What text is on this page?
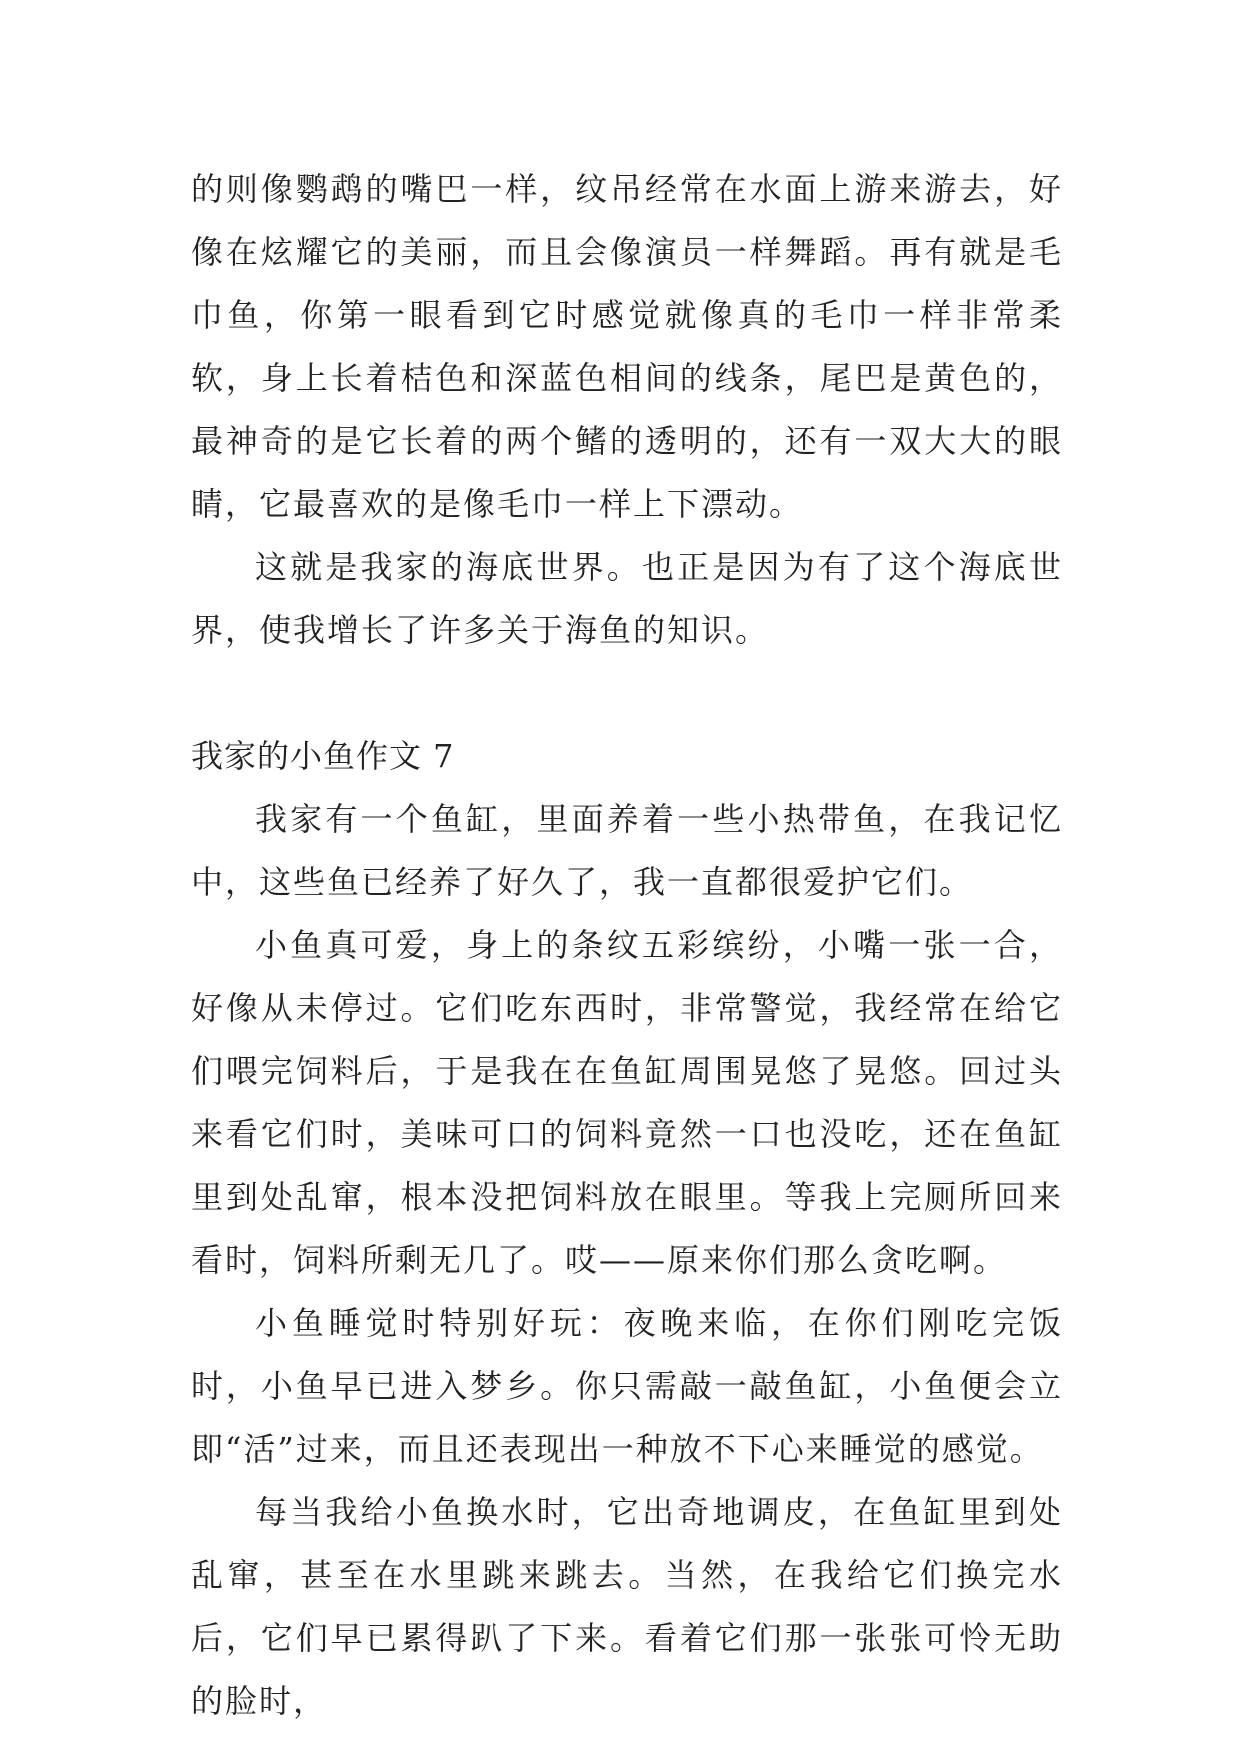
的则像鹦鹉的嘴巴一样，纹吊经常在水面上游来游去，好像在炫耀它的美丽，而且会像演员一样舞蹈。再有就是毛巾鱼，你第一眼看到它时感觉就像真的毛巾一样非常柔软，身上长着桔色和深蓝色相间的线条，尾巴是黄色的，最神奇的是它长着的两个鳍的透明的，还有一双大大的眼睛，它最喜欢的是像毛巾一样上下漂动。

这就是我家的海底世界。也正是因为有了这个海底世界，使我增长了许多关于海鱼的知识。

我家的小鱼作文 7

我家有一个鱼缸，里面养着一些小热带鱼，在我记忆中，这些鱼已经养了好久了，我一直都很爱护它们。

小鱼真可爱，身上的条纹五彩缤纷，小嘴一张一合，好像从未停过。它们吃东西时，非常警觉，我经常在给它们喂完饲料后，于是我在在鱼缸周围晃悠了晃悠。回过头来看它们时，美味可口的饲料竟然一口也没吃，还在鱼缸里到处乱窜，根本没把饲料放在眼里。等我上完厕所回来看时，饲料所剩无几了。哎——原来你们那么贪吃啊。

小鱼睡觉时特别好玩：夜晚来临，在你们刚吃完饭时，小鱼早已进入梦乡。你只需敲一敲鱼缸，小鱼便会立即“活”过来，而且还表现出一种放不下心来睡觉的感觉。

每当我给小鱼换水时，它出奇地调皮，在鱼缸里到处乱窜，甚至在水里跳来跳去。当然，在我给它们换完水后，它们早已累得趴了下来。看着它们那一张张可怜无助的脸时，
